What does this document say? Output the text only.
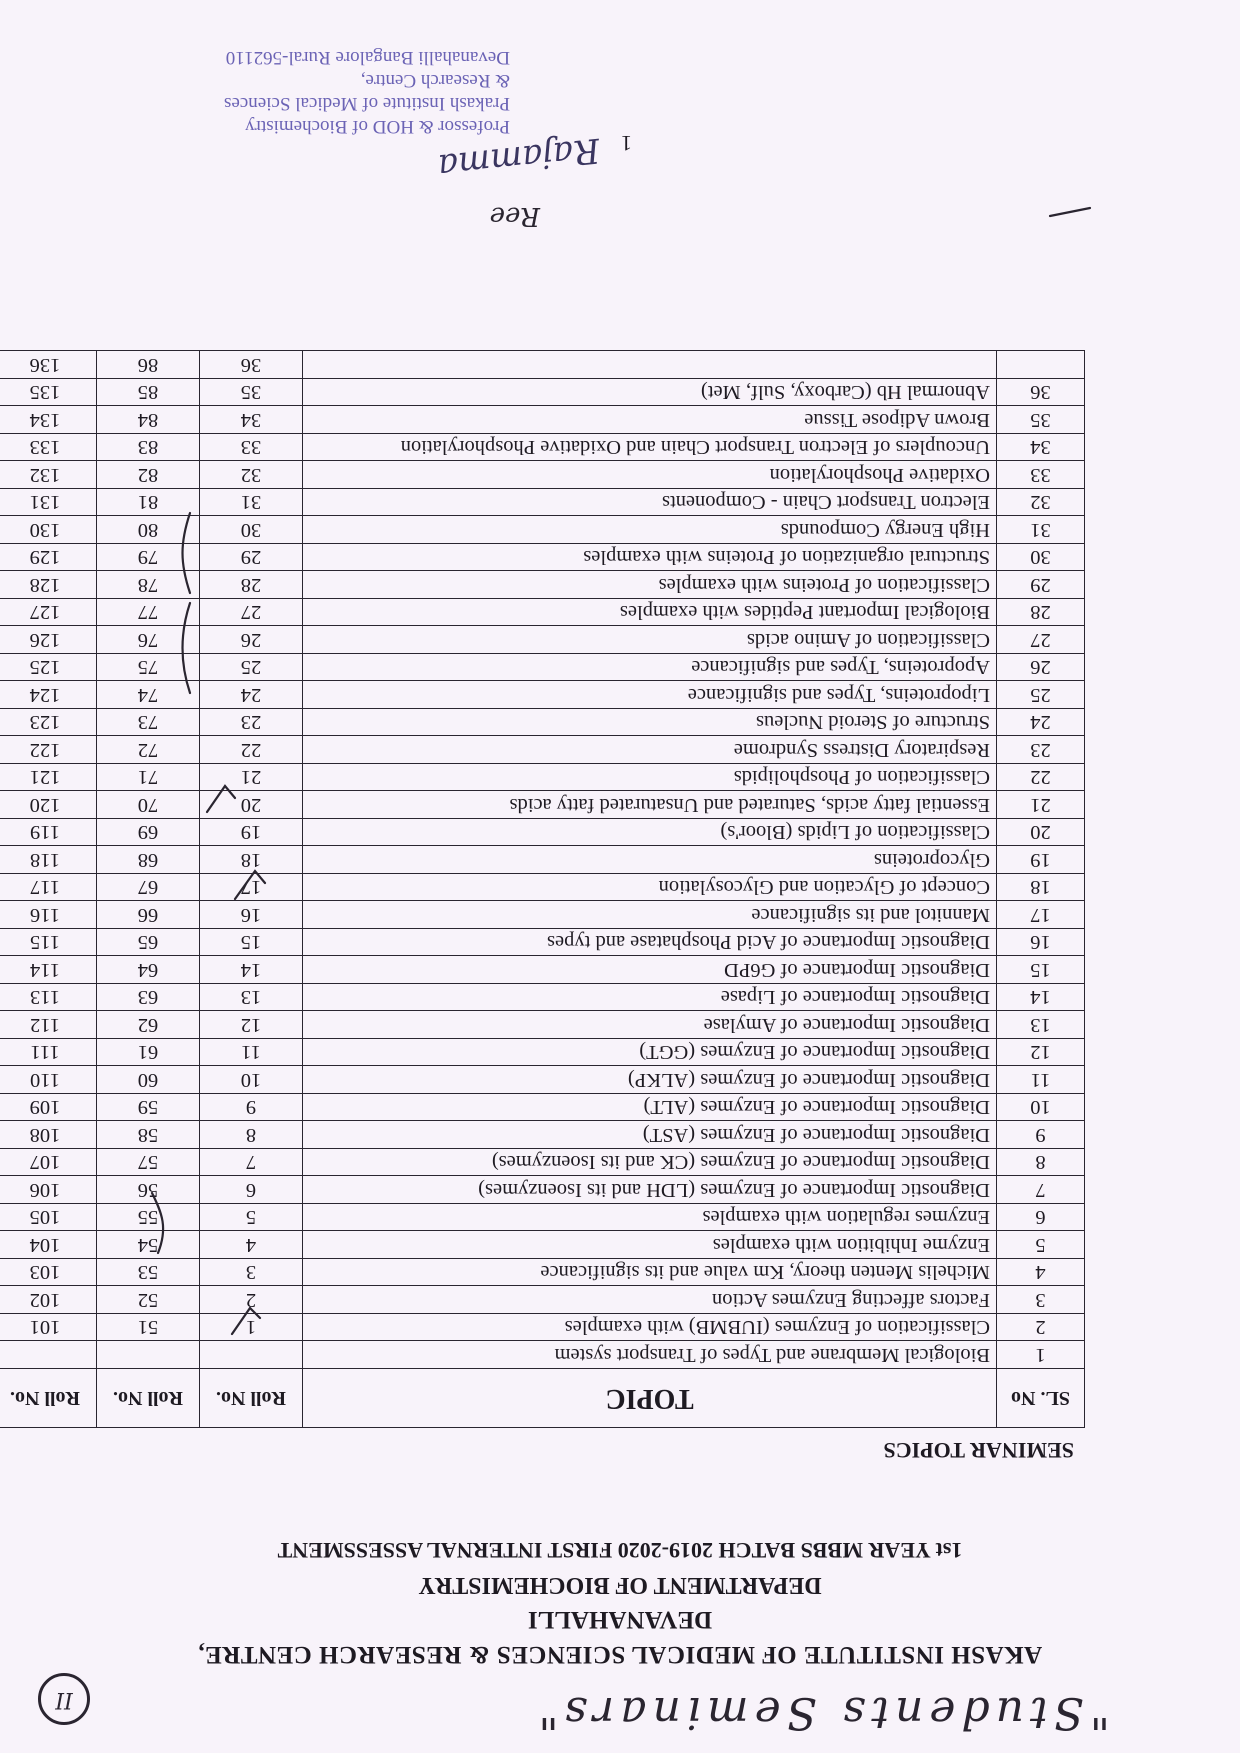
"Students Seminars"
II
AKASH INSTITUTE OF MEDICAL SCIENCES & RESEARCH CENTRE,
DEVANAHALLI
DEPARTMENT OF BIOCHEMISTRY
1st YEAR MBBS BATCH 2019-2020 FIRST INTERNAL ASSESSMENT
SEMINAR TOPICS
SL. No	TOPIC	Roll No.	Roll No.	Roll No.
1	Biological Membrane and Types of Transport system			
2	Classification of Enzymes (IUBMB) with examples	1	51	101
3	Factors affecting Enzymes Action	2	52	102
4	Michelis Menten theory, Km value and its significance	3	53	103
5	Enzyme Inhibition with examples	4	54	104
6	Enzymes regulation with examples	5	55	105
7	Diagnostic Importance of Enzymes (LDH and its Isoenzymes)	6	56	106
8	Diagnostic Importance of Enzymes (CK and its Isoenzymes)	7	57	107
9	Diagnostic Importance of Enzymes (AST)	8	58	108
10	Diagnostic Importance of Enzymes (ALT)	9	59	109
11	Diagnostic Importance of Enzymes (ALKP)	10	60	110
12	Diagnostic Importance of Enzymes (GGT)	11	61	111
13	Diagnostic Importance of Amylase	12	62	112
14	Diagnostic Importance of Lipase	13	63	113
15	Diagnostic Importance of G6PD	14	64	114
16	Diagnostic Importance of Acid Phosphatase and types	15	65	115
17	Mannitol and its significance	16	66	116
18	Concept of Glycation and Glycosylation	17	67	117
19	Glycoproteins	18	68	118
20	Classification of Lipids (Bloor's)	19	69	119
21	Essential fatty acids, Saturated and Unsaturated fatty acids	20	70	120
22	Classification of Phospholipids	21	71	121
23	Respiratory Distress Syndrome	22	72	122
24	Structure of Steroid Nucleus	23	73	123
25	Lipoproteins, Types and significance	24	74	124
26	Apoproteins, Types and significance	25	75	125
27	Classification of Amino acids	26	76	126
28	Biological Important Peptides with examples	27	77	127
29	Classification of Proteins with examples	28	78	128
30	Structural organization of Proteins with examples	29	79	129
31	High Energy Compounds	30	80	130
32	Electron Transport Chain - Components	31	81	131
33	Oxidative Phosphorylation	32	82	132
34	Uncouplers of Electron Transport Chain and Oxidative Phosphorylation	33	83	133
35	Brown Adipose Tissue	34	84	134
36	Abnormal Hb (Carboxy, Sulf, Met)	35	85	135
		36	86	136
1
Ree
Rajamma
Professor & HOD of Biochemistry
Prakash Institute of Medical Sciences
& Research Centre,
Devanahalli Bangalore Rural-562110
